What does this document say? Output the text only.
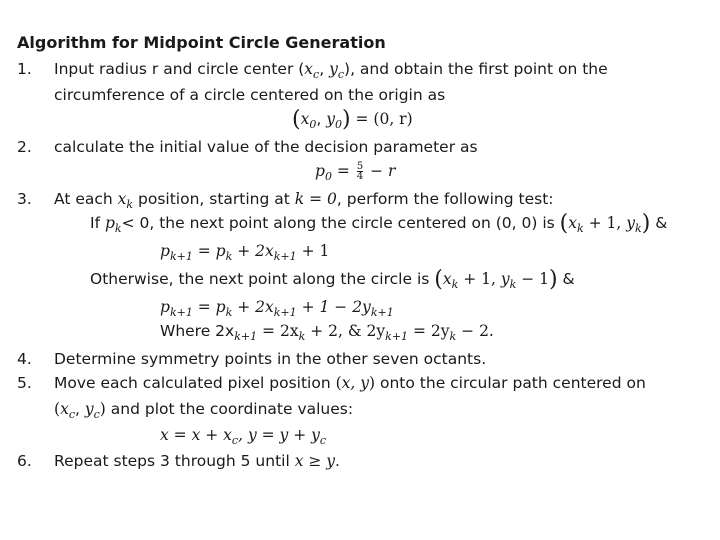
Algorithm for Midpoint Circle Generation
1. Input radius r and circle center ($x_c$, $y_c$), and obtain the first point on the
circumference of a circle centered on the origin as
($x_0$, $y_0) = (0$, r)
2. calculate the initial value of the decision parameter as
$p_0 = \frac{5}{4} - r$
3. At each $x_k$ position, starting at k = 0, perform the following test:
If $p_k< 0$, the next point along the circle centered on (0, 0) is ($x_k + 1$, $y_k$) &
$p_{k+1} = p_k + 2x_{k+1} + 1$
Otherwise, the next point along the circle is ($x_k + 1$, $y_k - 1$) &
$p_{k+1} = p_k + 2x_{k+1} + 1 - 2y_{k+1}$
Where $2x_{k+1} = 2x_k + 2$, & $2y_{k+1} = 2y_k - 2$.
4. Determine symmetry points in the other seven octants.
5. Move each calculated pixel position (x, y) onto the circular path centered on
($x_c$, $y_c$) and plot the coordinate values:
$x = x + x_c$, $y = y + y_c$
6. Repeat steps 3 through 5 until x ≥ y.
